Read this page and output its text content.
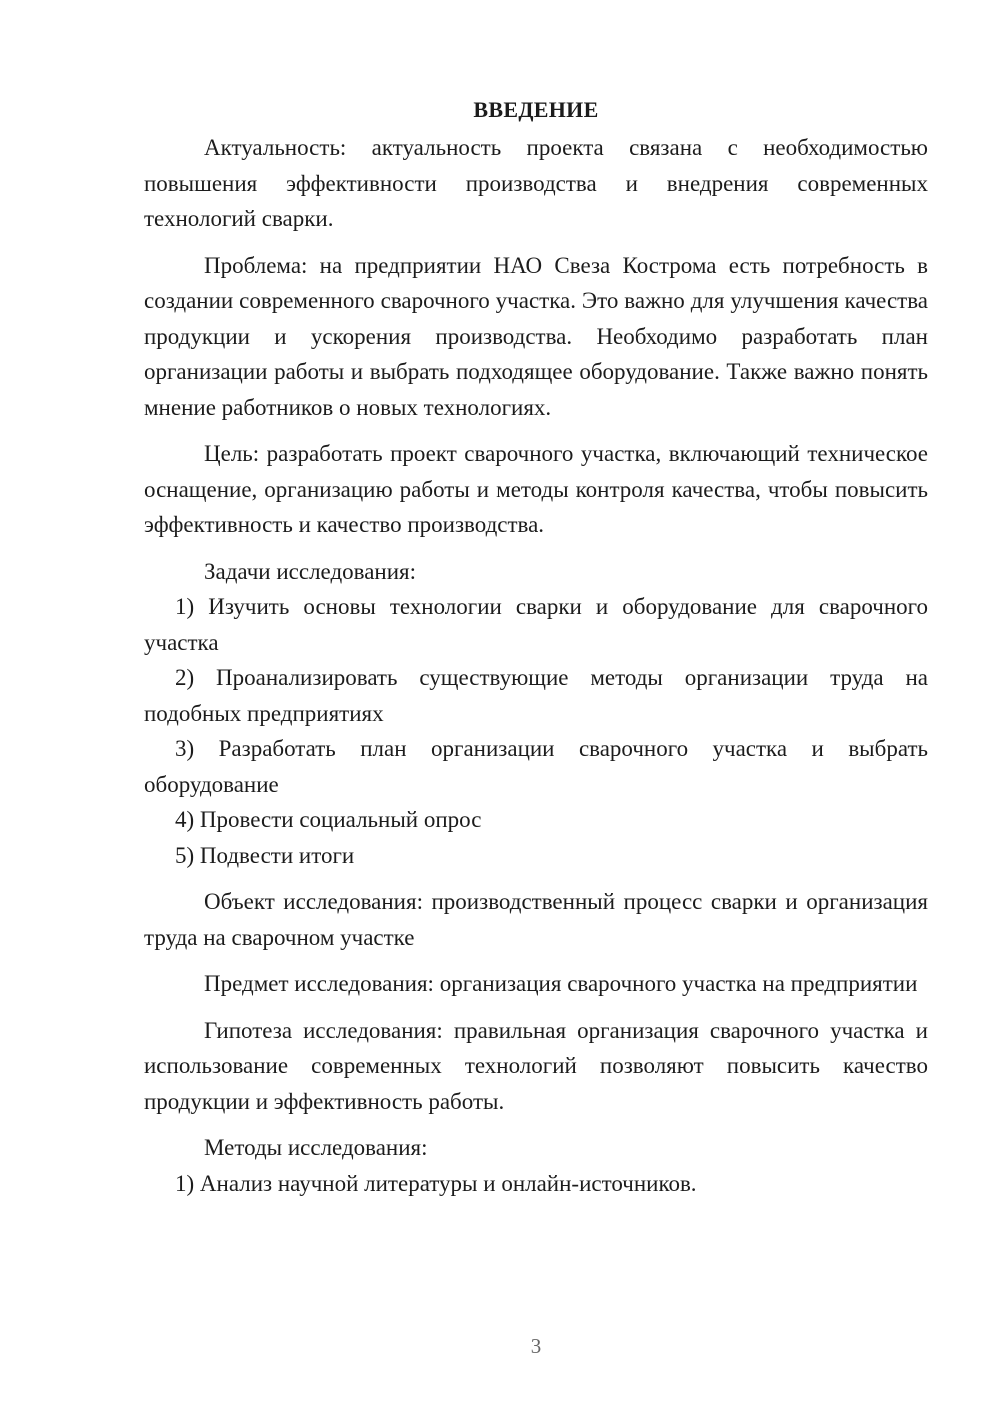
ВВЕДЕНИЕ

Актуальность: актуальность проекта связана с необходимостью повышения эффективности производства и внедрения современных технологий сварки.

Проблема: на предприятии НАО Свеза Кострома есть потребность в создании современного сварочного участка. Это важно для улучшения качества продукции и ускорения производства. Необходимо разработать план организации работы и выбрать подходящее оборудование. Также важно понять мнение работников о новых технологиях.

Цель: разработать проект сварочного участка, включающий техническое оснащение, организацию работы и методы контроля качества, чтобы повысить эффективность и качество производства.

Задачи исследования:

1) Изучить основы технологии сварки и оборудование для сварочного участка

2) Проанализировать существующие методы организации труда на подобных предприятиях

3) Разработать план организации сварочного участка и выбрать оборудование

4) Провести социальный опрос

5) Подвести итоги

Объект исследования: производственный процесс сварки и организация труда на сварочном участке

Предмет исследования: организация сварочного участка на предприятии

Гипотеза исследования: правильная организация сварочного участка и использование современных технологий позволяют повысить качество продукции и эффективность работы.

Методы исследования:

1) Анализ научной литературы и онлайн-источников.

3
